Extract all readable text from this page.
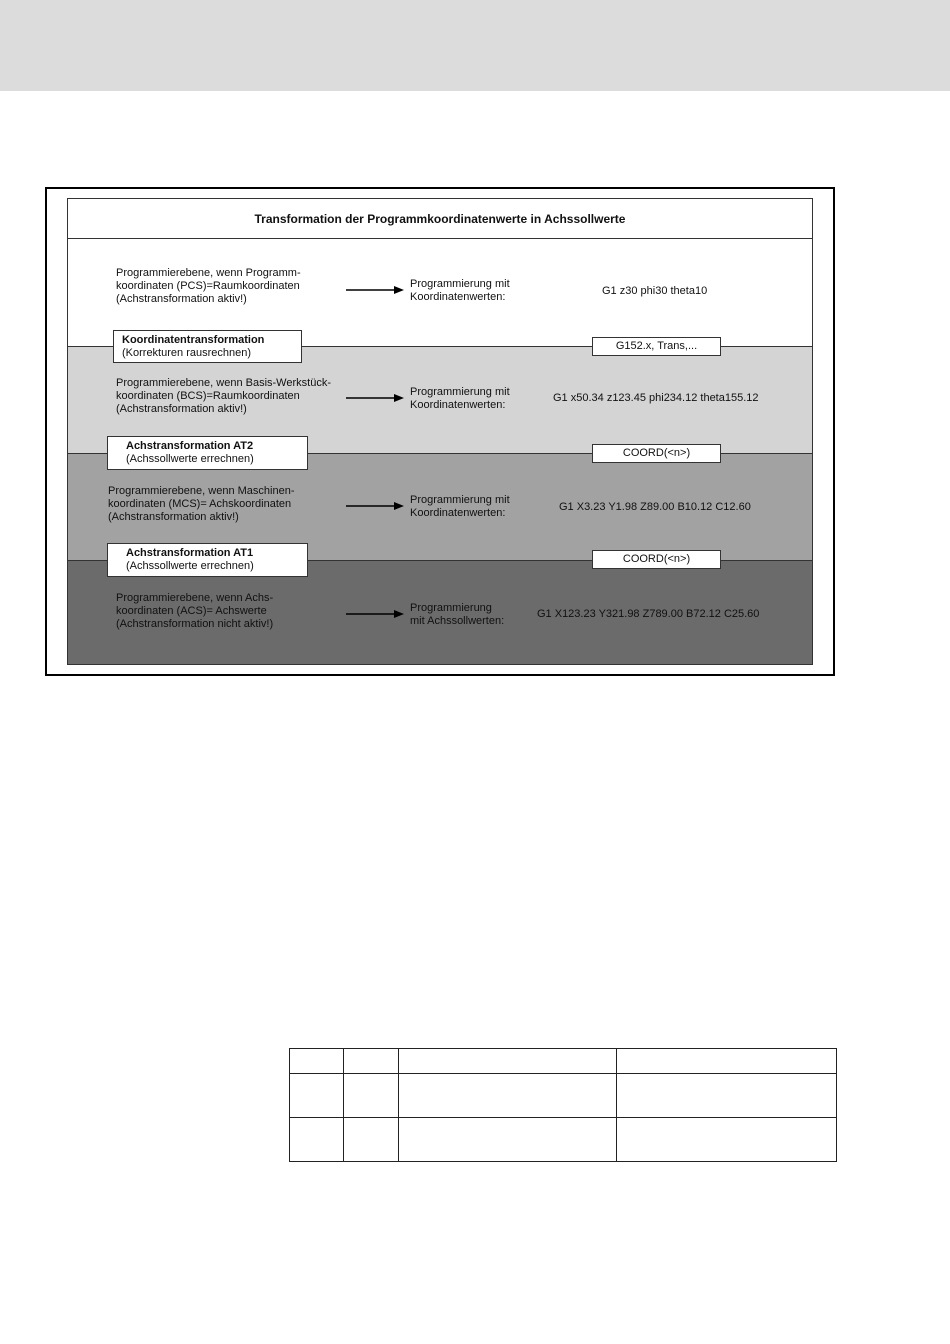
Transformation der Programmkoordinatenwerte in Achssollwerte
Programmierebene, wenn Programm-
koordinaten (PCS)=Raumkoordinaten
(Achstransformation aktiv!)
Programmierung mit
Koordinatenwerten:	G1 z30 phi30 theta10
Programmierebene, wenn Basis-Werkstück-
koordinaten (BCS)=Raumkoordinaten
(Achstransformation aktiv!)
Programmierung mit
Koordinatenwerten:
G1 x50.34 z123.45 phi234.12 theta155.12
Programmierebene, wenn Maschinen-
koordinaten (MCS)= Achskoordinaten
(Achstransformation aktiv!)
Programmierung mit
Koordinatenwerten:	G1 X3.23 Y1.98 Z89.00 B10.12 C12.60
Programmierebene, wenn Achs-
koordinaten (ACS)= Achswerte
(Achstransformation nicht aktiv!)
Programmierung
mit Achssollwerten:
G1 X123.23 Y321.98 Z789.00 B72.12 C25.60
Koordinatentransformation
(Korrekturen rausrechnen)
Achstransformation AT2
(Achssollwerte errechnen)
Achstransformation AT1
(Achssollwerte errechnen)
G152.x, Trans,...
COORD(<n>)
COORD(<n>)
